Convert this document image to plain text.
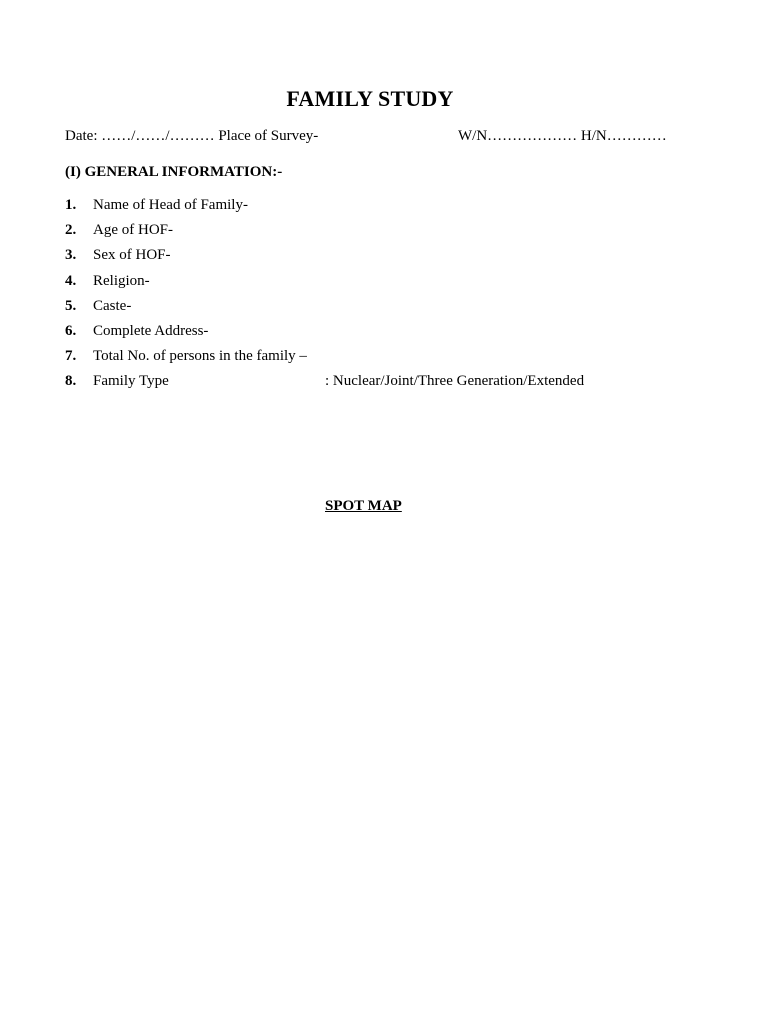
FAMILY STUDY
Date: ……/……/……… Place of Survey-	W/N……………… H/N…………
(I) GENERAL INFORMATION:-
1. Name of Head of Family-
2. Age of HOF-
3. Sex of HOF-
4. Religion-
5. Caste-
6. Complete Address-
7. Total No. of persons in the family –
8. Family Type	: Nuclear/Joint/Three Generation/Extended
SPOT MAP
